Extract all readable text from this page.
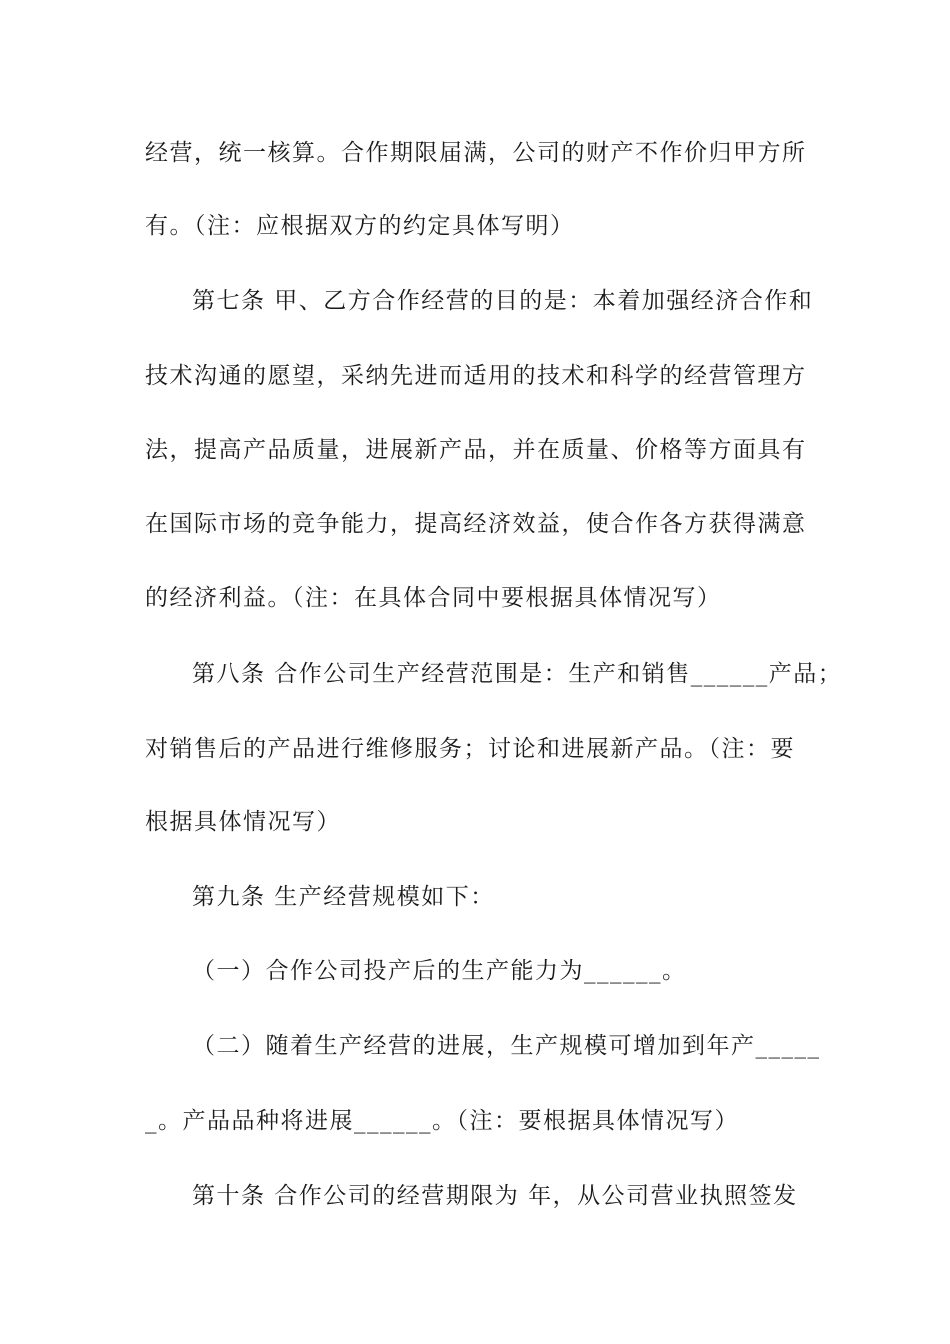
经营，统一核算。合作期限届满，公司的财产不作价归甲方所
有。（注：应根据双方的约定具体写明）
第七条 甲、乙方合作经营的目的是：本着加强经济合作和
技术沟通的愿望，采纳先进而适用的技术和科学的经营管理方
法，提高产品质量，进展新产品，并在质量、价格等方面具有
在国际市场的竞争能力，提高经济效益，使合作各方获得满意
的经济利益。（注：在具体合同中要根据具体情况写）
第八条 合作公司生产经营范围是：生产和销售______产品；
对销售后的产品进行维修服务；讨论和进展新产品。（注：要
根据具体情况写）
第九条 生产经营规模如下：
（一）合作公司投产后的生产能力为______。
（二）随着生产经营的进展，生产规模可增加到年产_____
_。产品品种将进展______。（注：要根据具体情况写）
第十条 合作公司的经营期限为 年，从公司营业执照签发
